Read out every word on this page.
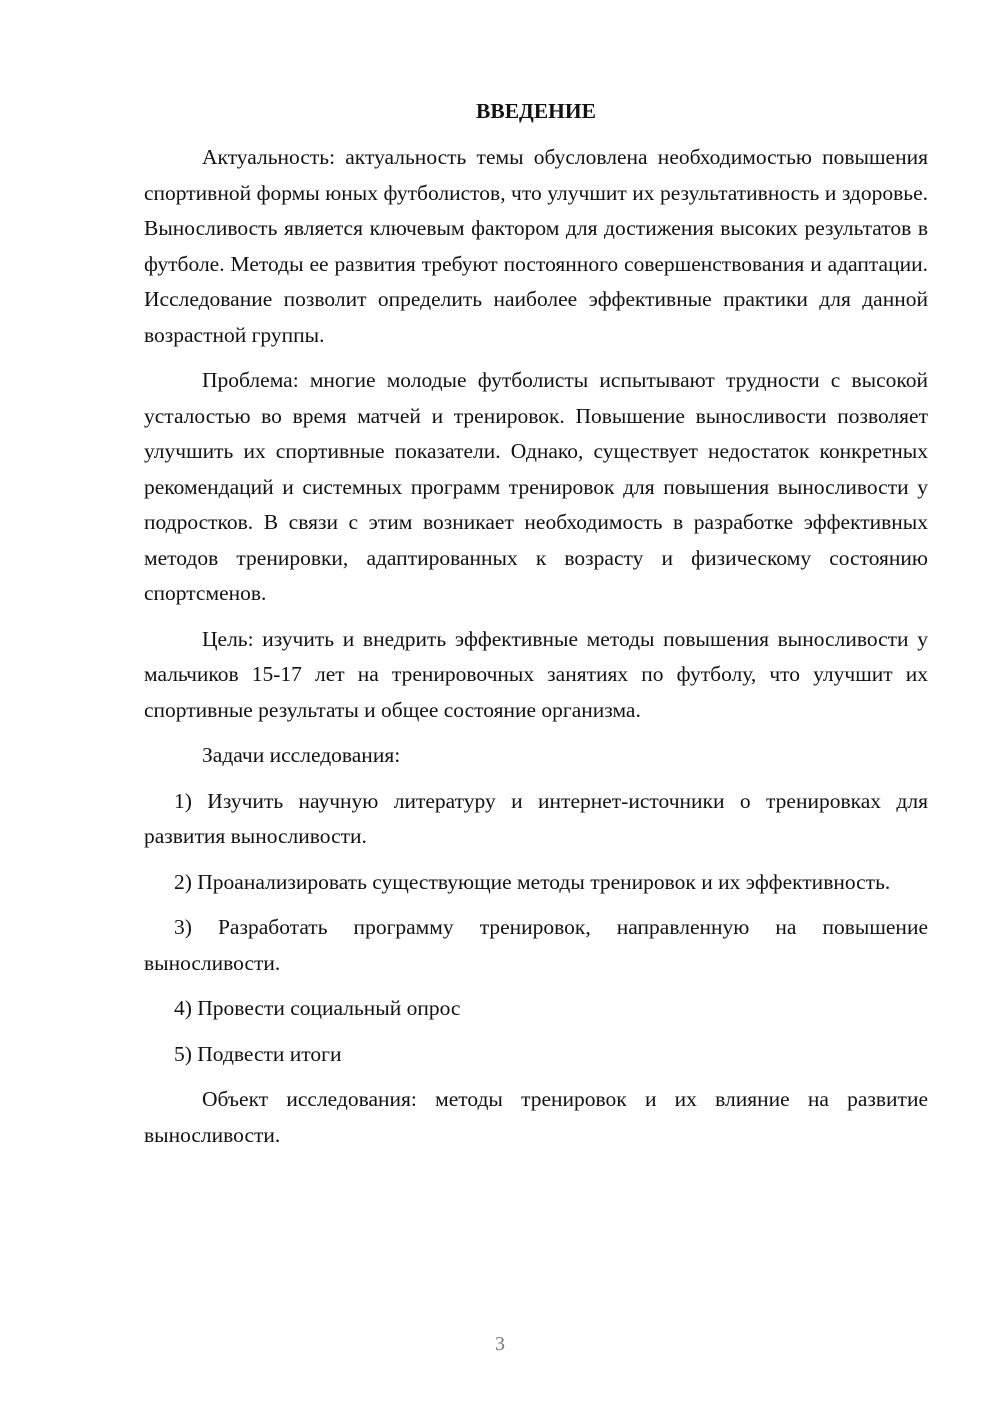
ВВЕДЕНИЕ

Актуальность: актуальность темы обусловлена необходимостью повышения спортивной формы юных футболистов, что улучшит их результативность и здоровье. Выносливость является ключевым фактором для достижения высоких результатов в футболе. Методы ее развития требуют постоянного совершенствования и адаптации. Исследование позволит определить наиболее эффективные практики для данной возрастной группы.

Проблема: многие молодые футболисты испытывают трудности с высокой усталостью во время матчей и тренировок. Повышение выносливости позволяет улучшить их спортивные показатели. Однако, существует недостаток конкретных рекомендаций и системных программ тренировок для повышения выносливости у подростков. В связи с этим возникает необходимость в разработке эффективных методов тренировки, адаптированных к возрасту и физическому состоянию спортсменов.

Цель: изучить и внедрить эффективные методы повышения выносливости у мальчиков 15-17 лет на тренировочных занятиях по футболу, что улучшит их спортивные результаты и общее состояние организма.

Задачи исследования:

1) Изучить научную литературу и интернет-источники о тренировках для развития выносливости.

2) Проанализировать существующие методы тренировок и их эффективность.

3) Разработать программу тренировок, направленную на повышение выносливости.

4) Провести социальный опрос

5) Подвести итоги

Объект исследования: методы тренировок и их влияние на развитие выносливости.

3
